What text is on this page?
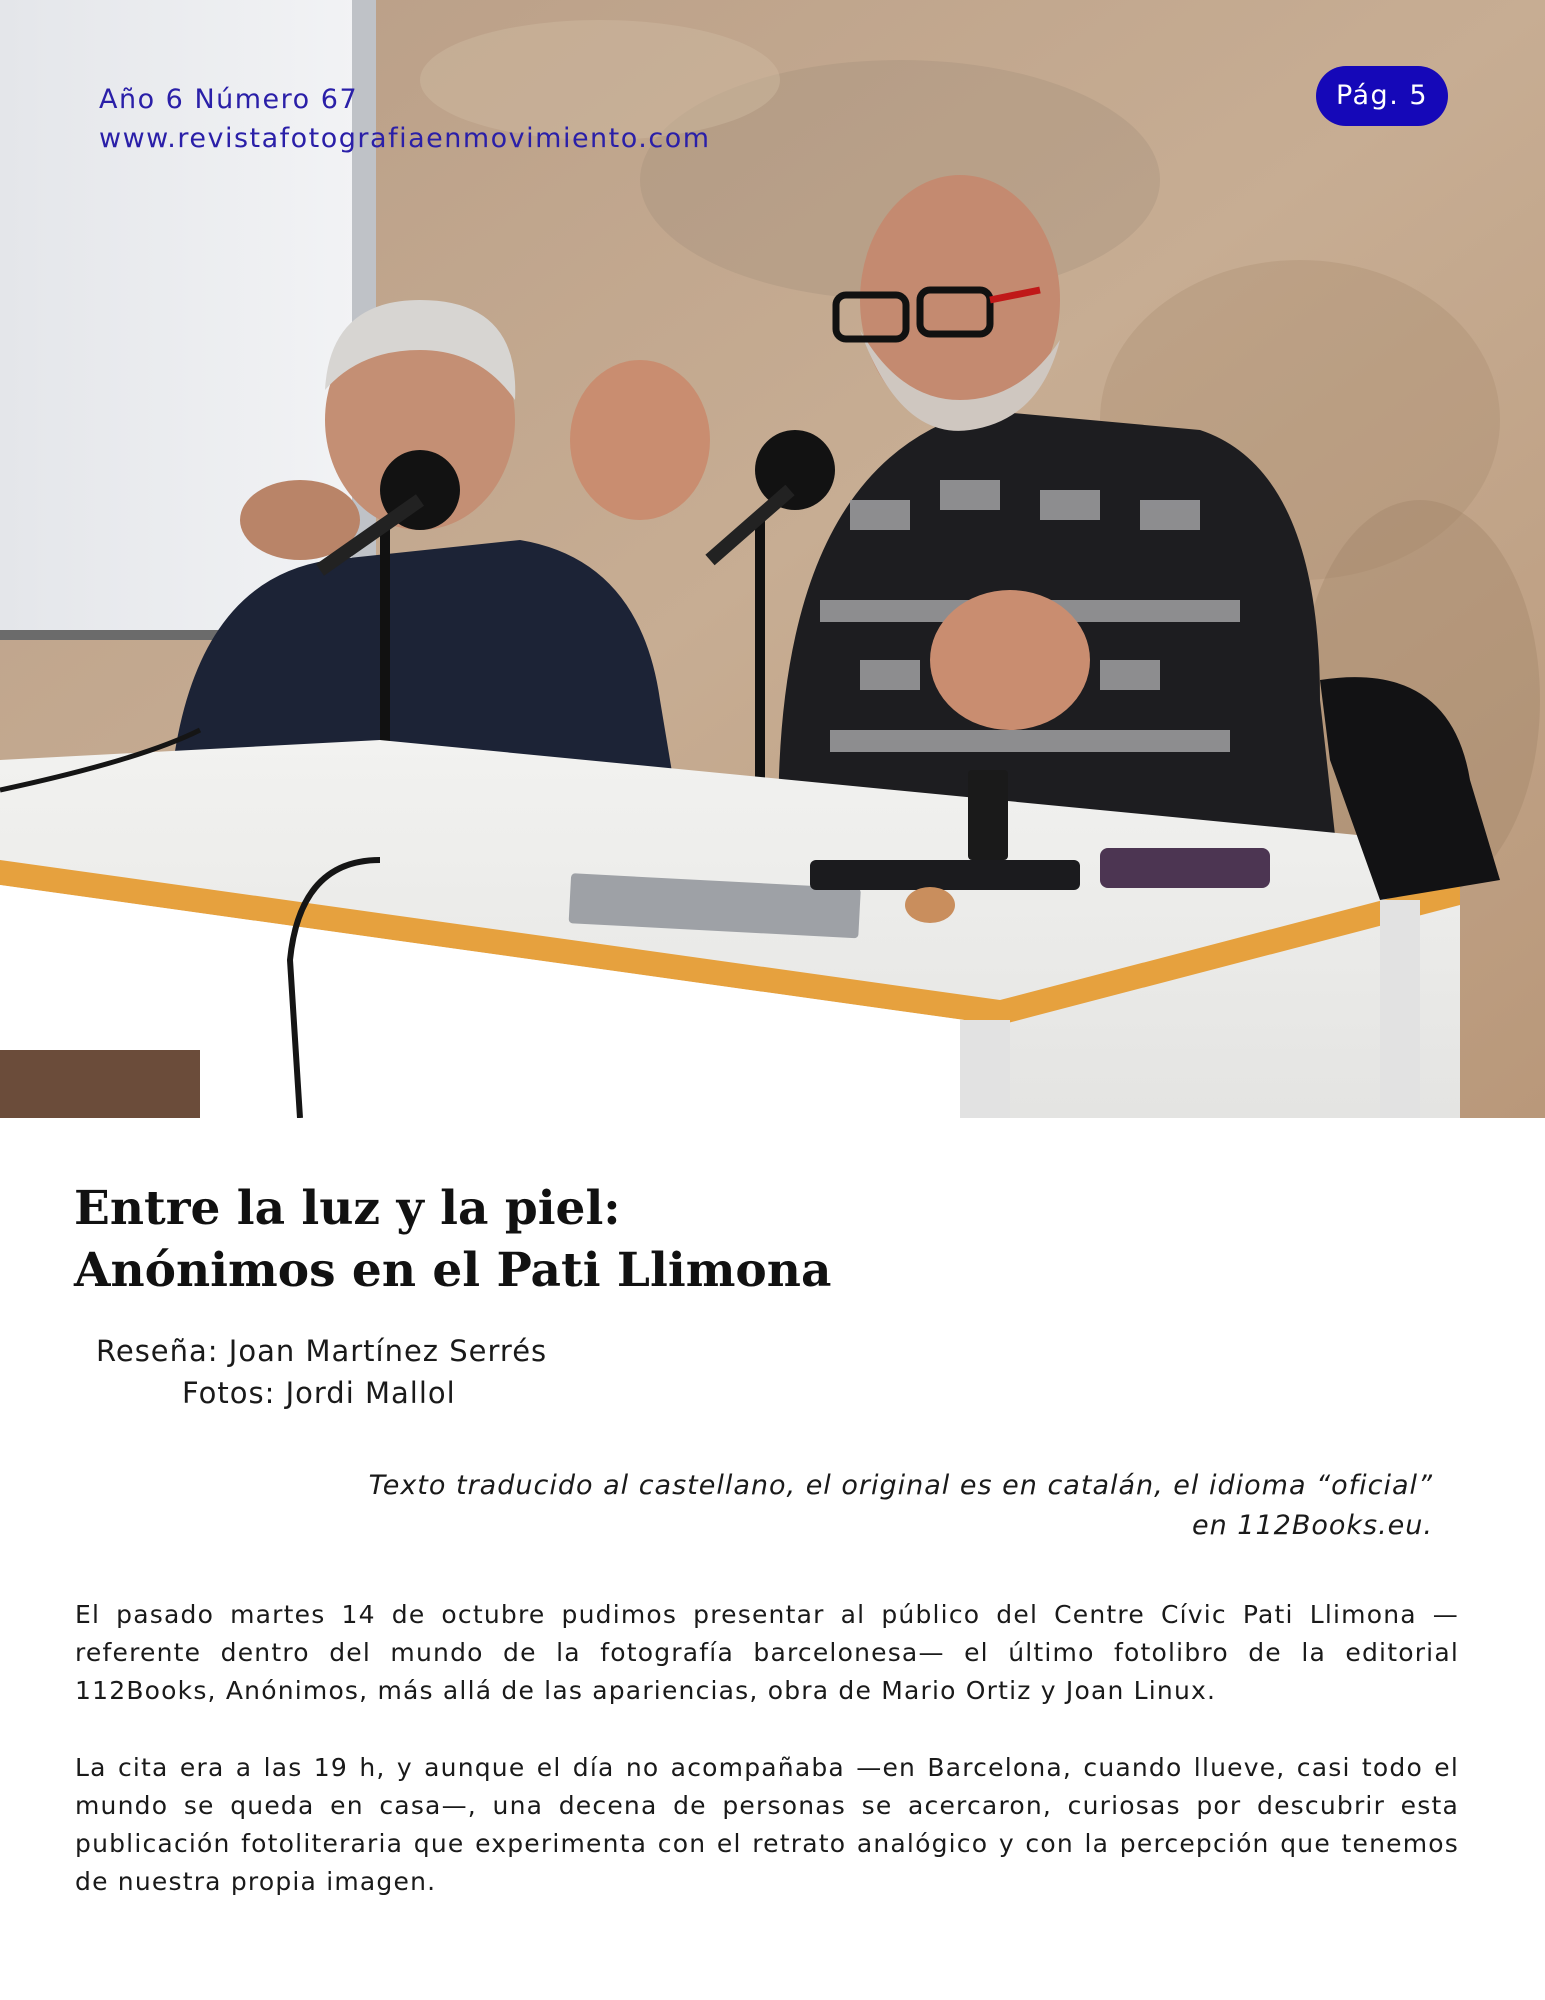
Año 6 Número 67
www.revistafotografiaenmovimiento.com
Pág. 5
Entre la luz y la piel:
Anónimos en el Pati Llimona
Reseña: Joan Martínez Serrés
Fotos: Jordi Mallol
Texto traducido al castellano, el original es en catalán, el idioma “oficial” en 112Books.eu.

El pasado martes 14 de octubre pudimos presentar al público del Centre Cívic Pati Llimona —referente dentro del mundo de la fotografía barcelonesa— el último fotolibro de la editorial 112Books, Anónimos, más allá de las apariencias, obra de Mario Ortiz y Joan Linux.

La cita era a las 19 h, y aunque el día no acompañaba —en Barcelona, cuando llueve, casi todo el mundo se queda en casa—, una decena de personas se acercaron, curiosas por descubrir esta publicación fotoliteraria que experimenta con el retrato analógico y con la percepción que tenemos de nuestra propia imagen.
